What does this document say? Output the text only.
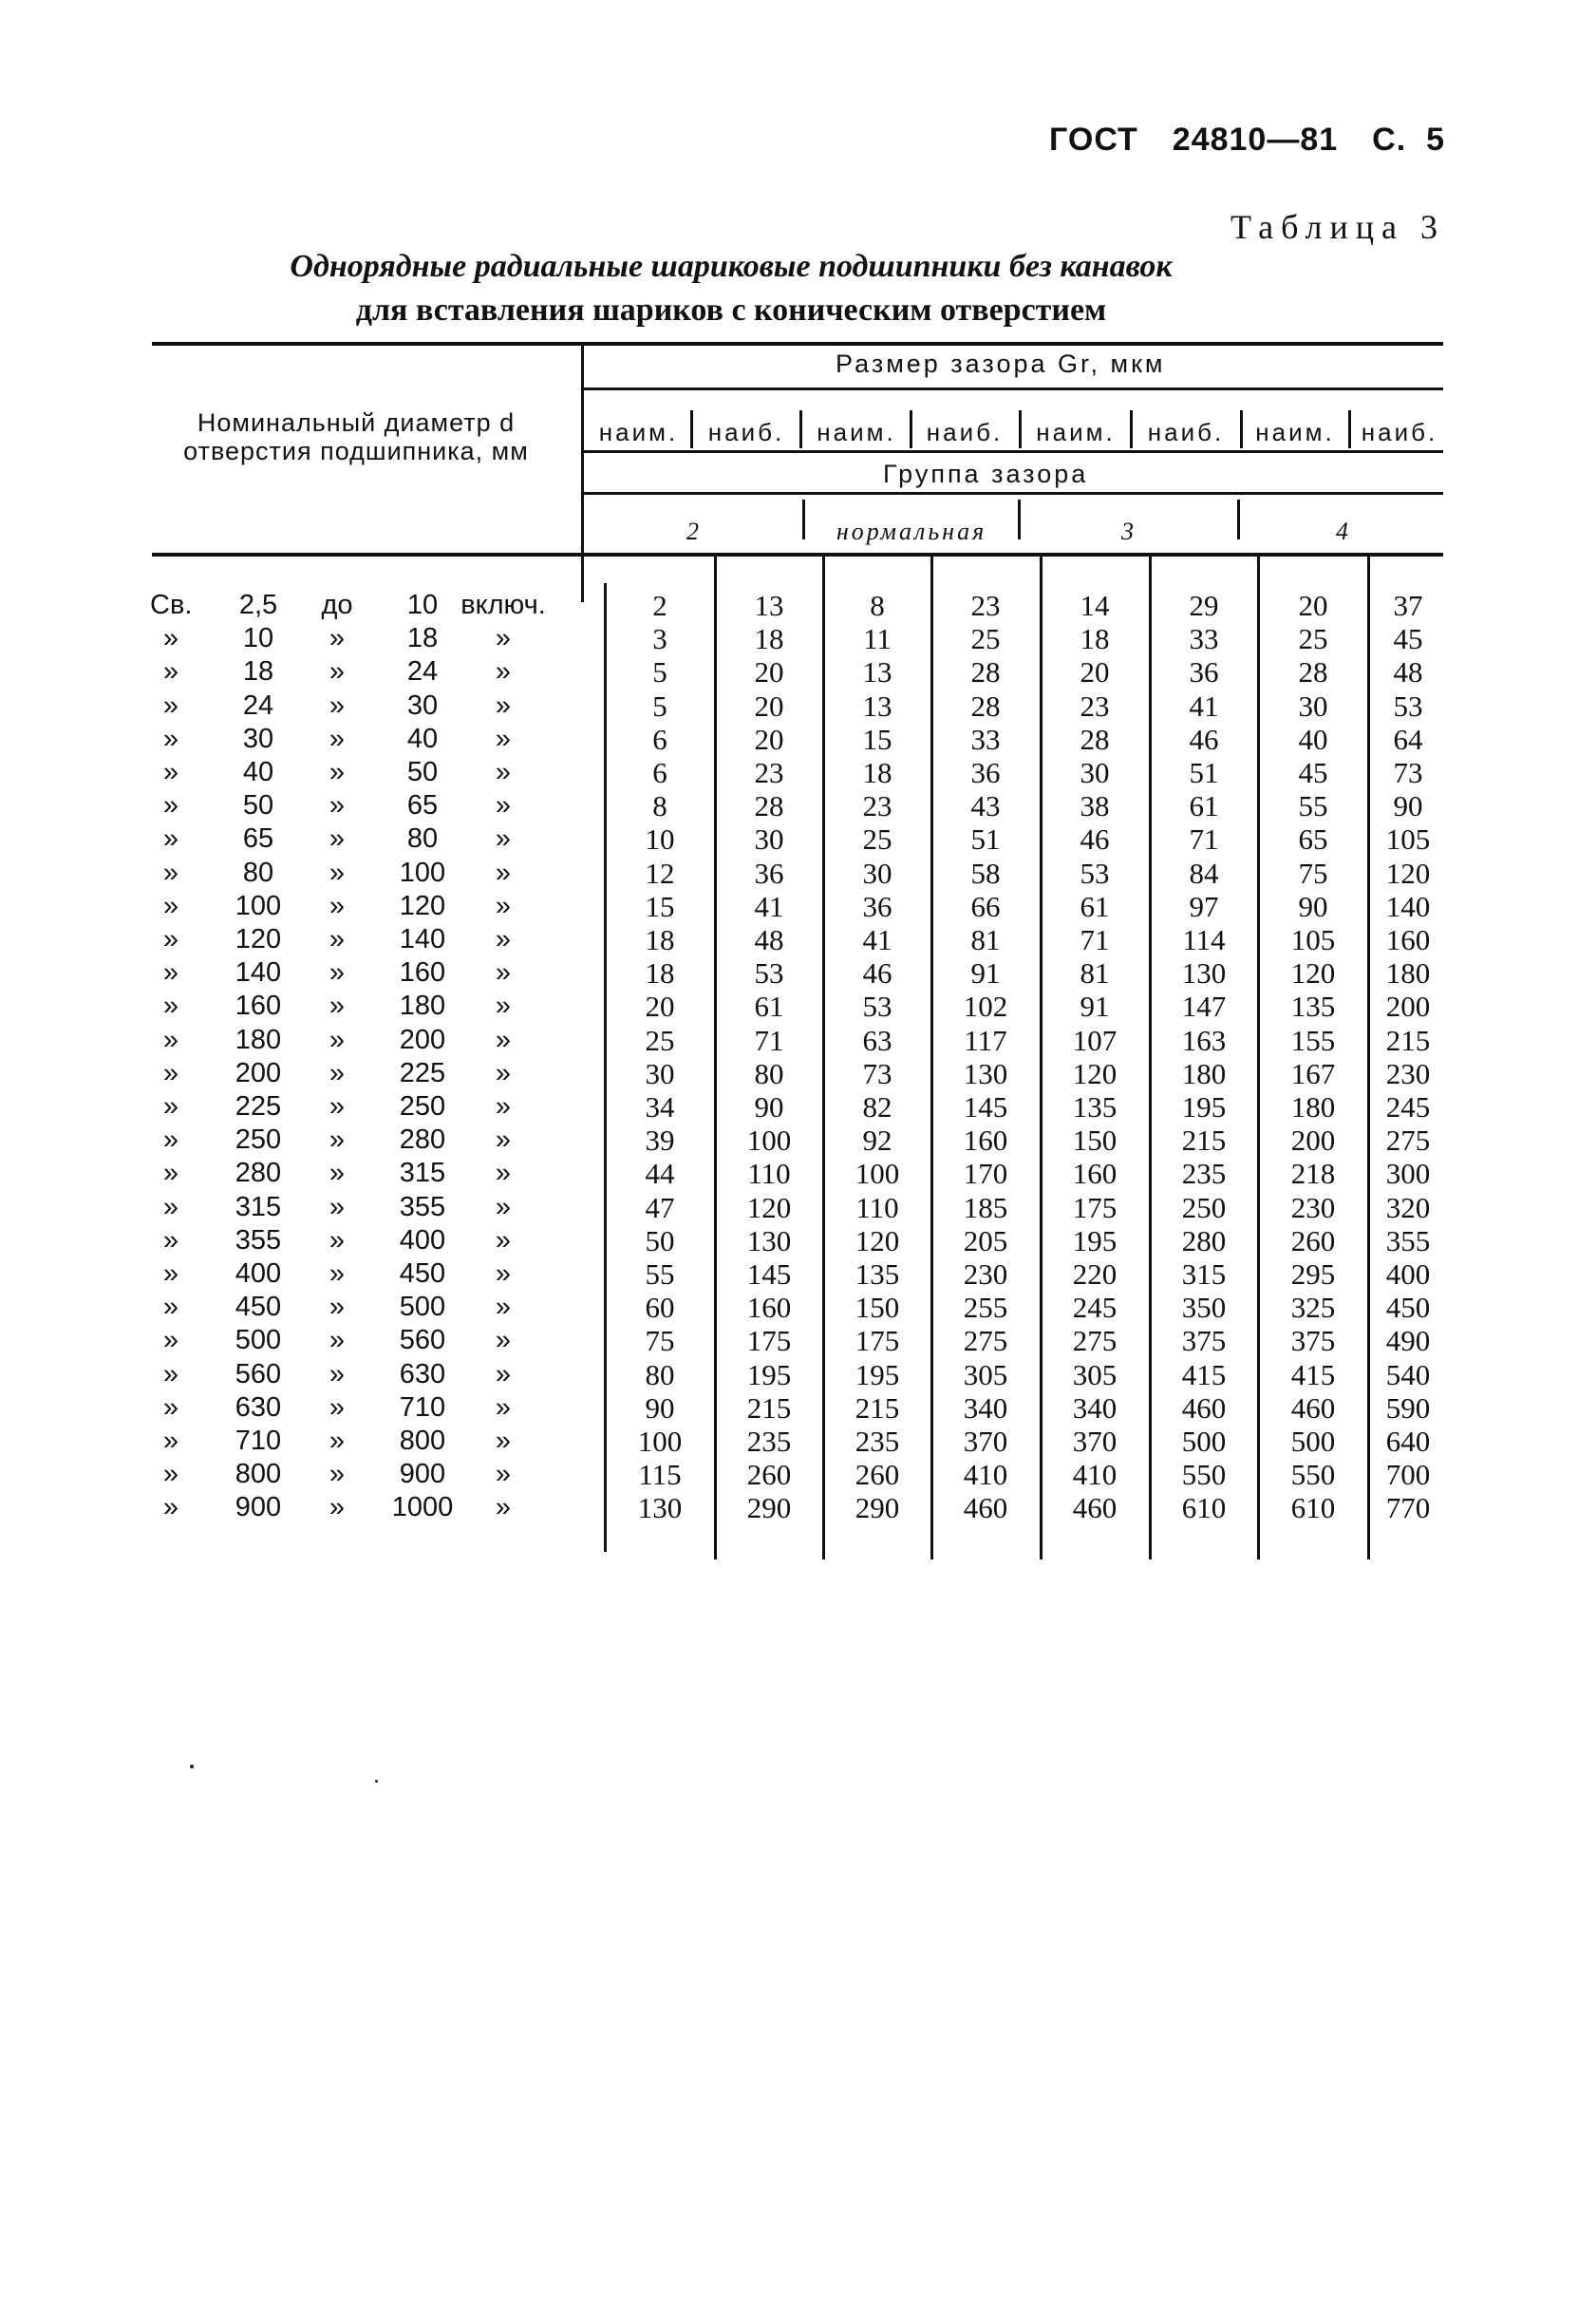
ГОСТ 24810—81 С. 5
Таблица 3
Однорядные радиальные шариковые подшипники без канавок
для вставления шариков с коническим отверстием
Номинальный диаметр d отверстия подшипника, мм
Размер зазора Gr, мкм
наим.	наиб.	наим.	наиб.	наим.	наиб.	наим.	наиб.
Группа зазора
2	нормальная	3	4
Св.	2,5	до	10 включ.	2	13	8	23	14	29	20	37
»	10	»	18	»	3	18	11	25	18	33	25	45
»	18	»	24	»	5	20	13	28	20	36	28	48
»	24	»	30	»	5	20	13	28	23	41	30	53
»	30	»	40	»	6	20	15	33	28	46	40	64
»	40	»	50	»	6	23	18	36	30	51	45	73
»	50	»	65	»	8	28	23	43	38	61	55	90
»	65	»	80	»	10	30	25	51	46	71	65	105
»	80	»	100	»	12	36	30	58	53	84	75	120
»	100	»	120	»	15	41	36	66	61	97	90	140
»	120	»	140	»	18	48	41	81	71	114	105	160
»	140	»	160	»	18	53	46	91	81	130	120	180
»	160	»	180	»	20	61	53	102	91	147	135	200
»	180	»	200	»	25	71	63	117	107	163	155	215
»	200	»	225	»	30	80	73	130	120	180	167	230
»	225	»	250	»	34	90	82	145	135	195	180	245
»	250	»	280	»	39	100	92	160	150	215	200	275
»	280	»	315	»	44	110	100	170	160	235	218	300
»	315	»	355	»	47	120	110	185	175	250	230	320
»	355	»	400	»	50	130	120	205	195	280	260	355
»	400	»	450	»	55	145	135	230	220	315	295	400
»	450	»	500	»	60	160	150	255	245	350	325	450
»	500	»	560	»	75	175	175	275	275	375	375	490
»	560	»	630	»	80	195	195	305	305	415	415	540
»	630	»	710	»	90	215	215	340	340	460	460	590
»	710	»	800	»	100	235	235	370	370	500	500	640
»	800	»	900	»	115	260	260	410	410	550	550	700
»	900	»	1000	»	130	290	290	460	460	610	610	770
